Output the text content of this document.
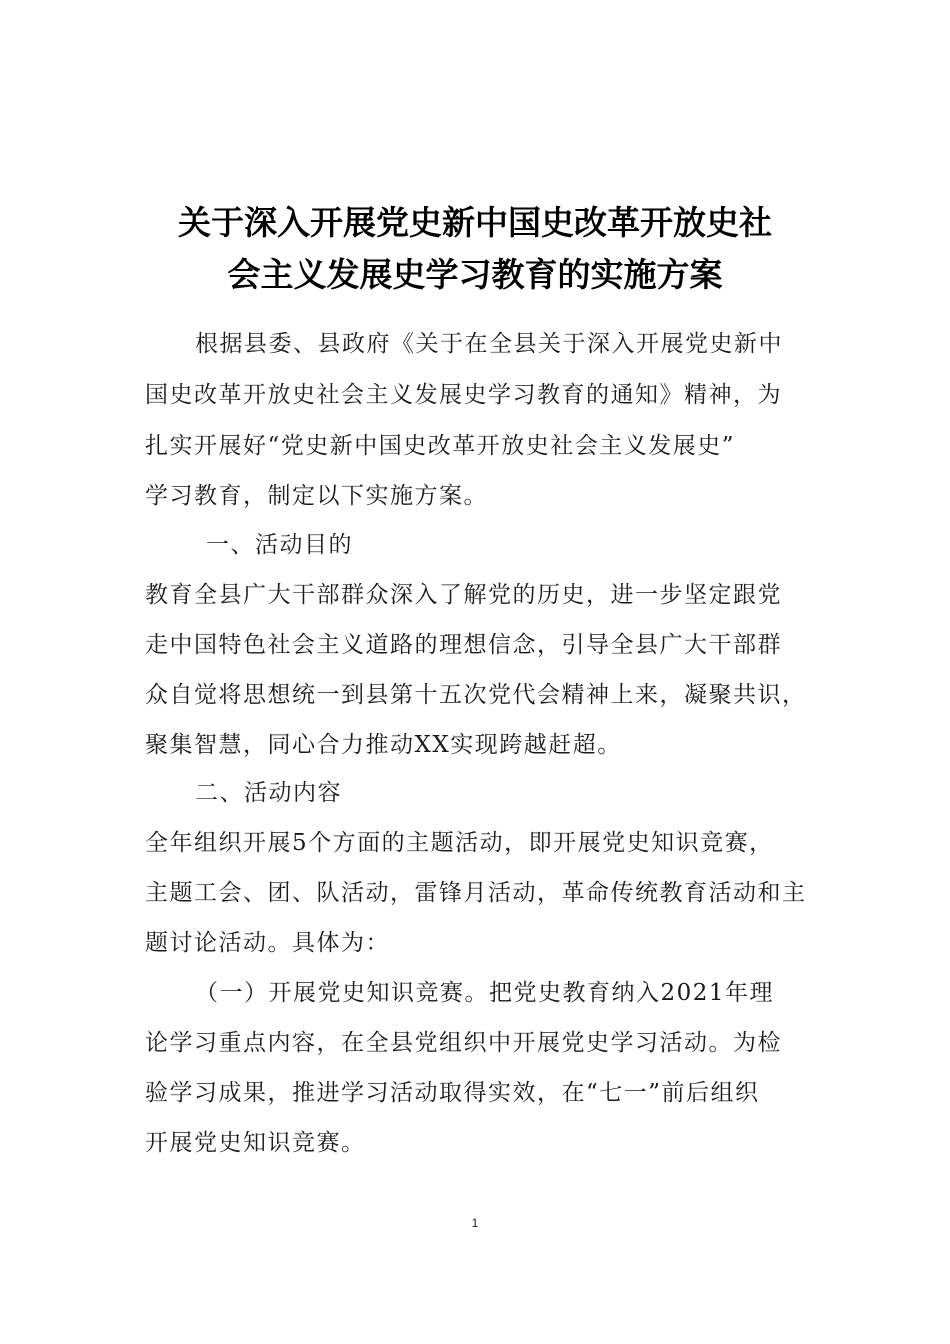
关于深入开展党史新中国史改革开放史社
会主义发展史学习教育的实施方案
根据县委、县政府《关于在全县关于深入开展党史新中
国史改革开放史社会主义发展史学习教育的通知》精神，为
扎实开展好“党史新中国史改革开放史社会主义发展史”
学习教育，制定以下实施方案。
一、活动目的
教育全县广大干部群众深入了解党的历史，进一步坚定跟党
走中国特色社会主义道路的理想信念，引导全县广大干部群
众自觉将思想统一到县第十五次党代会精神上来，凝聚共识，
聚集智慧，同心合力推动XX实现跨越赶超。
二、活动内容
全年组织开展5个方面的主题活动，即开展党史知识竞赛，
主题工会、团、队活动，雷锋月活动，革命传统教育活动和主
题讨论活动。具体为：
（一）开展党史知识竞赛。把党史教育纳入2021年理
论学习重点内容，在全县党组织中开展党史学习活动。为检
验学习成果，推进学习活动取得实效，在“七一”前后组织
开展党史知识竞赛。
1
